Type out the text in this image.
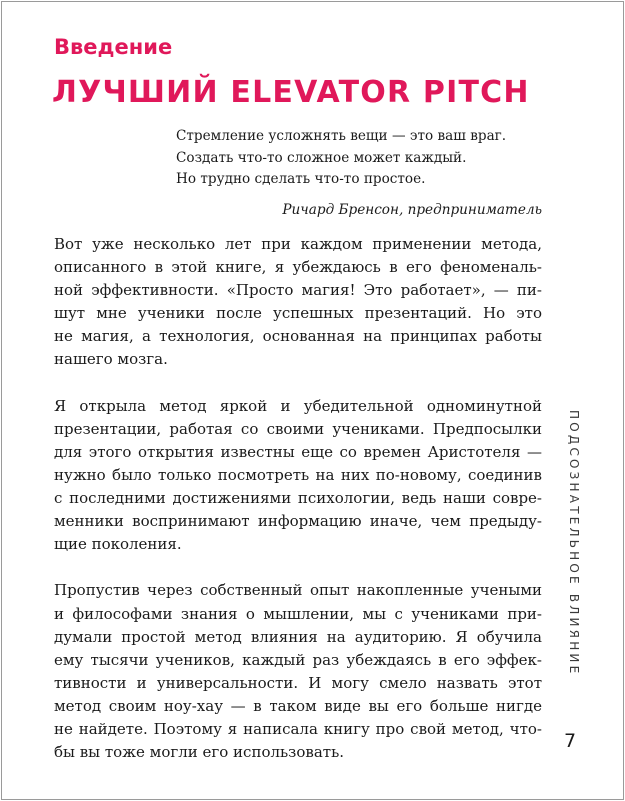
Введение
ЛУЧШИЙ ELEVATOR PITCH
Стремление усложнять вещи — это ваш враг.
Создать что-то сложное может каждый.
Но трудно сделать что-то простое.
Ричард Бренсон, предприниматель

Вот уже несколько лет при каждом применении метода,
описанного в этой книге, я убеждаюсь в его феноменаль-
ной эффективности. «Просто магия! Это работает», — пи-
шут мне ученики после успешных презентаций. Но это
не магия, а технология, основанная на принципах работы
нашего мозга.

Я открыла метод яркой и убедительной одноминутной
презентации, работая со своими учениками. Предпосылки
для этого открытия известны еще со времен Аристотеля —
нужно было только посмотреть на них по-новому, соединив
с последними достижениями психологии, ведь наши совре-
менники воспринимают информацию иначе, чем предыду-
щие поколения.

Пропустив через собственный опыт накопленные учеными
и философами знания о мышлении, мы с учениками при-
думали простой метод влияния на аудиторию. Я обучила
ему тысячи учеников, каждый раз убеждаясь в его эффек-
тивности и универсальности. И могу смело назвать этот
метод своим ноу-хау — в таком виде вы его больше нигде
не найдете. Поэтому я написала книгу про свой метод, что-
бы вы тоже могли его использовать.

ПОДСОЗНАТЕЛЬНОЕ ВЛИЯНИЕ
7
